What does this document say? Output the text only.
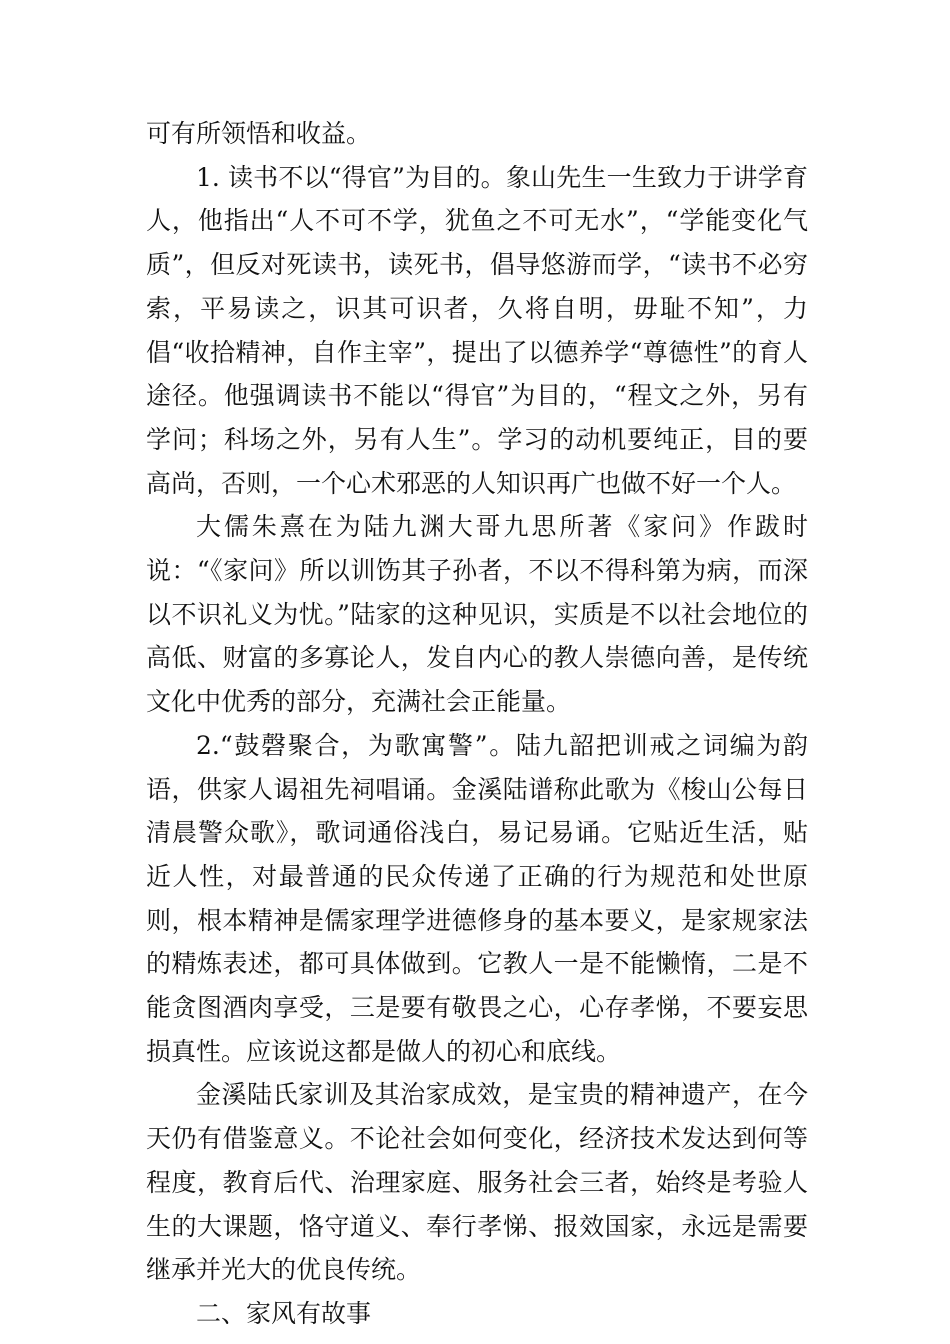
可有所领悟和收益。

1. 读书不以“得官”为目的。象山先生一生致力于讲学育人，他指出“人不可不学，犹鱼之不可无水”，“学能变化气质”，但反对死读书，读死书，倡导悠游而学，“读书不必穷索，平易读之，识其可识者，久将自明，毋耻不知”，力倡“收拾精神，自作主宰”，提出了以德养学“尊德性”的育人途径。他强调读书不能以“得官”为目的，“程文之外，另有学问；科场之外，另有人生”。学习的动机要纯正，目的要高尚，否则，一个心术邪恶的人知识再广也做不好一个人。

大儒朱熹在为陆九渊大哥九思所著《家问》作跋时说：“《家问》所以训饬其子孙者，不以不得科第为病，而深以不识礼义为忧。”陆家的这种见识，实质是不以社会地位的高低、财富的多寡论人，发自内心的教人崇德向善，是传统文化中优秀的部分，充满社会正能量。

2.“鼓磬聚合，为歌寓警”。陆九韶把训戒之词编为韵语，供家人谒祖先祠唱诵。金溪陆谱称此歌为《梭山公每日清晨警众歌》，歌词通俗浅白，易记易诵。它贴近生活，贴近人性，对最普通的民众传递了正确的行为规范和处世原则，根本精神是儒家理学进德修身的基本要义，是家规家法的精炼表述，都可具体做到。它教人一是不能懒惰，二是不能贪图酒肉享受，三是要有敬畏之心，心存孝悌，不要妄思损真性。应该说这都是做人的初心和底线。

金溪陆氏家训及其治家成效，是宝贵的精神遗产，在今天仍有借鉴意义。不论社会如何变化，经济技术发达到何等程度，教育后代、治理家庭、服务社会三者，始终是考验人生的大课题，恪守道义、奉行孝悌、报效国家，永远是需要继承并光大的优良传统。

二、家风有故事
